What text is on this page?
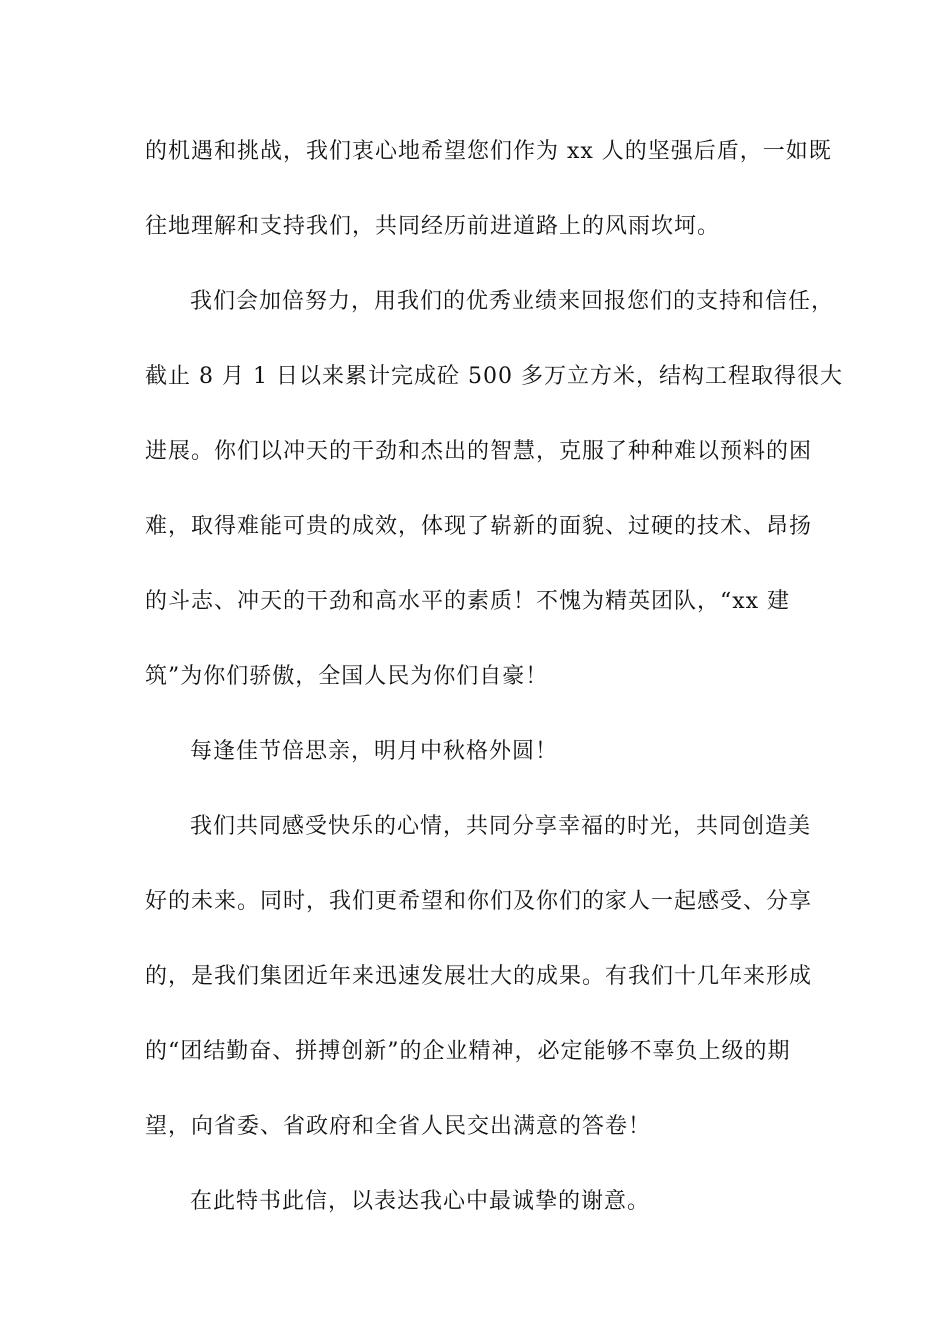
的机遇和挑战，我们衷心地希望您们作为 xx 人的坚强后盾，一如既
往地理解和支持我们，共同经历前进道路上的风雨坎坷。
我们会加倍努力，用我们的优秀业绩来回报您们的支持和信任，
截止 8 月 1 日以来累计完成砼 500 多万立方米，结构工程取得很大
进展。你们以冲天的干劲和杰出的智慧，克服了种种难以预料的困
难，取得难能可贵的成效，体现了崭新的面貌、过硬的技术、昂扬
的斗志、冲天的干劲和高水平的素质！不愧为精英团队，“xx 建
筑”为你们骄傲，全国人民为你们自豪！
每逢佳节倍思亲，明月中秋格外圆！
我们共同感受快乐的心情，共同分享幸福的时光，共同创造美
好的未来。同时，我们更希望和你们及你们的家人一起感受、分享
的，是我们集团近年来迅速发展壮大的成果。有我们十几年来形成
的“团结勤奋、拼搏创新”的企业精神，必定能够不辜负上级的期
望，向省委、省政府和全省人民交出满意的答卷！
在此特书此信，以表达我心中最诚挚的谢意。
